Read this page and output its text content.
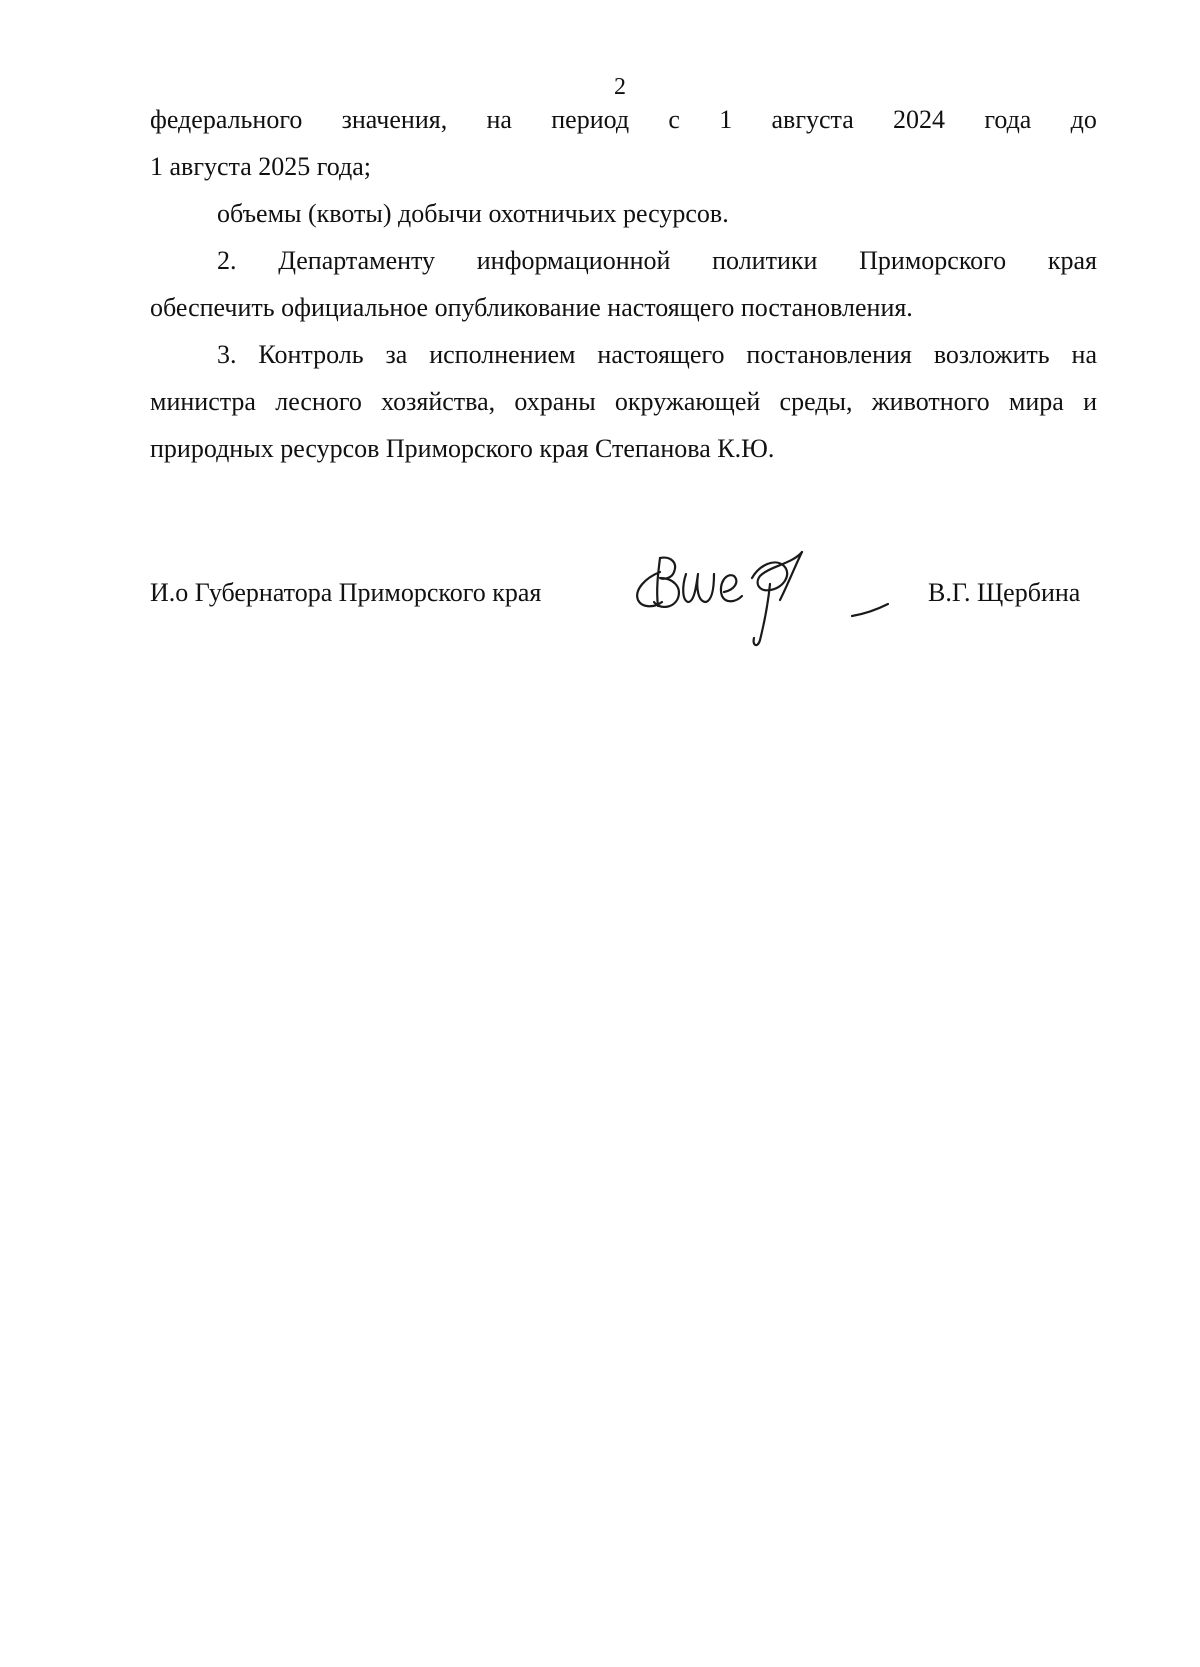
2
федерального значения, на период с 1 августа 2024 года до
1 августа 2025 года;
объемы (квоты) добычи охотничьих ресурсов.
2. Департаменту информационной политики Приморского края
обеспечить официальное опубликование настоящего постановления.
3. Контроль за исполнением настоящего постановления возложить на
министра лесного хозяйства, охраны окружающей среды, животного мира и
природных ресурсов Приморского края Степанова К.Ю.
И.о Губернатора Приморского края
ВШер
В.Г. Щербина
